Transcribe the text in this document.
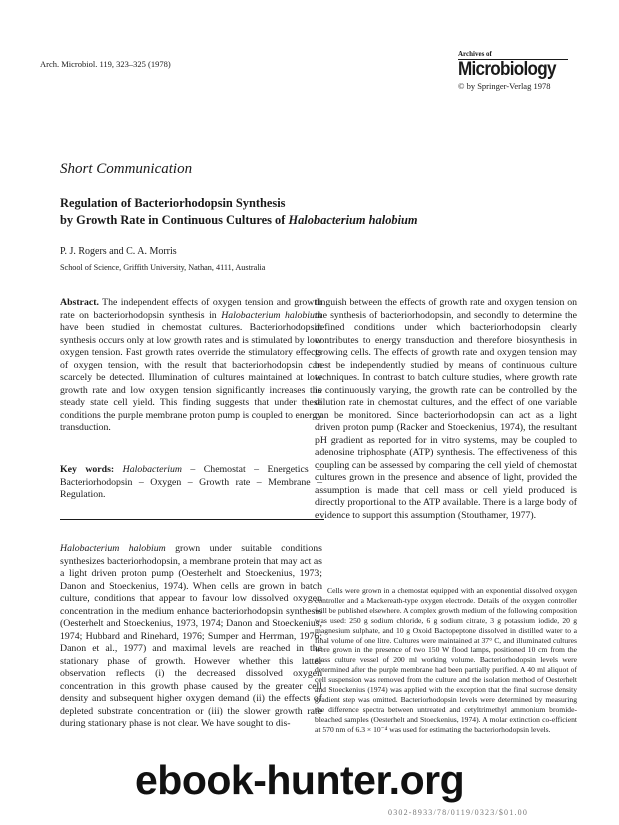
Arch. Microbiol. 119, 323–325 (1978)
Archives of
Microbiology
© by Springer-Verlag 1978
Short Communication
Regulation of Bacteriorhodopsin Synthesis
by Growth Rate in Continuous Cultures of Halobacterium halobium
P. J. Rogers and C. A. Morris
School of Science, Griffith University, Nathan, 4111, Australia

Abstract. The independent effects of oxygen tension and growth rate on bacteriorhodopsin synthesis in Halobacterium halobium have been studied in chemostat cultures. Bacteriorhodopsin synthesis occurs only at low growth rates and is stimulated by low oxygen tension. Fast growth rates override the stimulatory effects of oxygen tension, with the result that bacteriorhodopsin can scarcely be detected. Illumination of cultures maintained at low growth rate and low oxygen tension significantly increases the steady state cell yield. This finding suggests that under these conditions the purple membrane proton pump is coupled to energy transduction.

Key words: Halobacterium – Chemostat – Energetics – Bacteriorhodopsin – Oxygen – Growth rate – Membrane – Regulation.

Halobacterium halobium grown under suitable conditions synthesizes bacteriorhodopsin, a membrane protein that may act as a light driven proton pump (Oesterhelt and Stoeckenius, 1973; Danon and Stoeckenius, 1974). When cells are grown in batch culture, conditions that appear to favour low dissolved oxygen concentration in the medium enhance bacteriorhodopsin synthesis (Oesterhelt and Stoeckenius, 1973, 1974; Danon and Stoeckenius, 1974; Hubbard and Rinehard, 1976; Sumper and Herrman, 1976; Danon et al., 1977) and maximal levels are reached in the stationary phase of growth. However whether this latter observation reflects (i) the decreased dissolved oxygen concentration in this growth phase caused by the greater cell density and subsequent higher oxygen demand (ii) the effects of depleted substrate concentration or (iii) the slower growth rate during stationary phase is not clear. We have sought to dis-

tinguish between the effects of growth rate and oxygen tension on the synthesis of bacteriorhodopsin, and secondly to determine the defined conditions under which bacteriorhodopsin clearly contributes to energy transduction and therefore biosynthesis in growing cells. The effects of growth rate and oxygen tension may best be independently studied by means of continuous culture techniques. In contrast to batch culture studies, where growth rate is continuously varying, the growth rate can be controlled by the dilution rate in chemostat cultures, and the effect of one variable can be monitored. Since bacteriorhodopsin can act as a light driven proton pump (Racker and Stoeckenius, 1974), the resultant pH gradient as reported for in vitro systems, may be coupled to adenosine triphosphate (ATP) synthesis. The effectiveness of this coupling can be assessed by comparing the cell yield of chemostat cultures grown in the presence and absence of light, provided the assumption is made that cell mass or cell yield produced is directly proportional to the ATP available. There is a large body of evidence to support this assumption (Stouthamer, 1977).

Cells were grown in a chemostat equipped with an exponential dissolved oxygen controller and a Mackereath-type oxygen electrode. Details of the oxygen controller will be published elsewhere. A complex growth medium of the following composition was used: 250 g sodium chloride, 6 g sodium citrate, 3 g potassium iodide, 20 g magnesium sulphate, and 10 g Oxoid Bactopeptone dissolved in distilled water to a final volume of one litre. Cultures were maintained at 37° C, and illuminated cultures were grown in the presence of two 150 W flood lamps, positioned 10 cm from the glass culture vessel of 200 ml working volume. Bacteriorhodopsin levels were determined after the purple membrane had been partially purified. A 40 ml aliquot of cell suspension was removed from the culture and the isolation method of Oesterhelt and Stoeckenius (1974) was applied with the exception that the final sucrose density gradient step was omitted. Bacteriorhodopsin levels were determined by measuring the difference spectra between untreated and cetyltrimethyl ammonium bromide-bleached samples (Oesterhelt and Stoeckenius, 1974). A molar extinction co-efficient at 570 nm of 6.3 × 10⁻⁴ was used for estimating the bacteriorhodopsin levels.
0302-8933/78/0119/0323/$01.00
ebook-hunter.org
